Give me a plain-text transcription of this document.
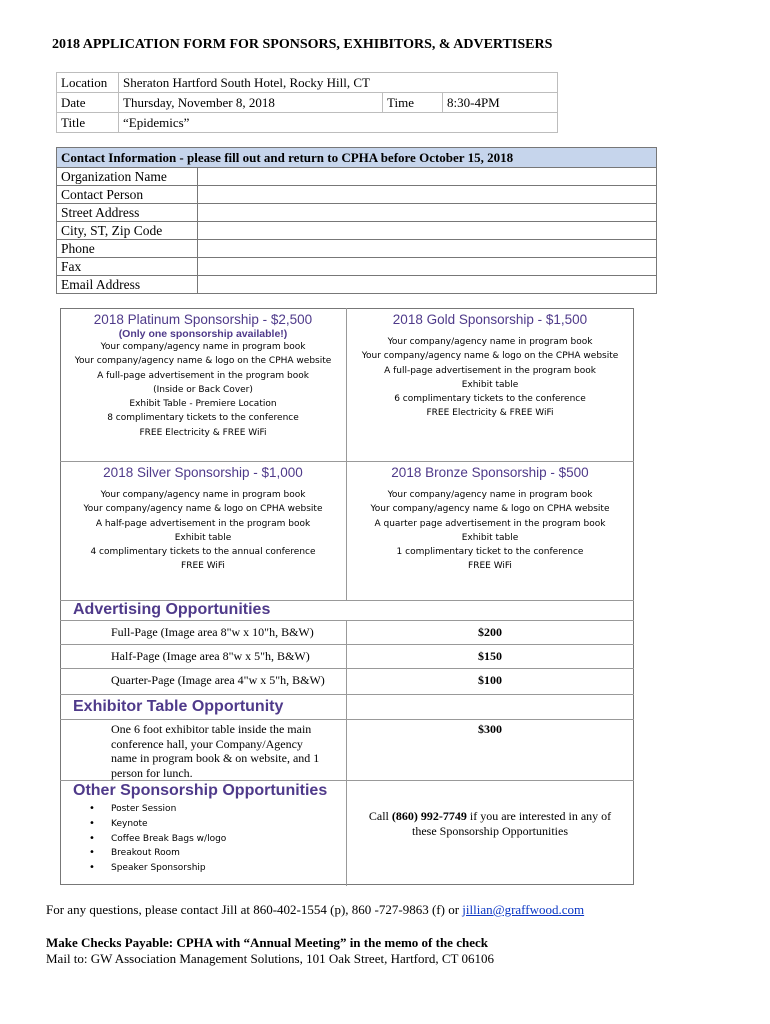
2018 APPLICATION FORM FOR SPONSORS, EXHIBITORS, & ADVERTISERS
Location	Sheraton Hartford South Hotel, Rocky Hill, CT		
Date	Thursday, November 8, 2018	Time	8:30-4PM
Title	“Epidemics”		
Contact Information - please fill out and return to CPHA before October 15, 2018	
Organization Name	
Contact Person	
Street Address	
City, ST, Zip Code	
Phone	
Fax	
Email Address	
2018 Platinum Sponsorship - $2,500
(Only one sponsorship available!)
Your company/agency name in program book
Your company/agency name & logo on the CPHA website
A full-page advertisement in the program book
(Inside or Back Cover)
Exhibit Table - Premiere Location
8 complimentary tickets to the conference
FREE Electricity & FREE WiFi
2018 Gold Sponsorship - $1,500
Your company/agency name in program book
Your company/agency name & logo on the CPHA website
A full-page advertisement in the program book
Exhibit table
6 complimentary tickets to the conference
FREE Electricity & FREE WiFi
2018 Silver Sponsorship - $1,000
Your company/agency name in program book
Your company/agency name & logo on CPHA website
A half-page advertisement in the program book
Exhibit table
4 complimentary tickets to the annual conference
FREE WiFi
2018 Bronze Sponsorship - $500
Your company/agency name in program book
Your company/agency name & logo on CPHA website
A quarter page advertisement in the program book
Exhibit table
1 complimentary ticket to the conference
FREE WiFi
Advertising Opportunities
Full-Page (Image area 8"w x 10"h, B&W)	$200
Half-Page (Image area 8"w x 5"h, B&W)	$150
Quarter-Page (Image area 4"w x 5"h, B&W)	$100
Exhibitor Table Opportunity
One 6 foot exhibitor table inside the main
conference hall, your Company/Agency
name in program book & on website, and 1
person for lunch.
$300
Other Sponsorship Opportunities
• Poster Session
• Keynote
• Coffee Break Bags w/logo
• Breakout Room
• Speaker Sponsorship
Call (860) 992-7749 if you are interested in any of
these Sponsorship Opportunities
For any questions, please contact Jill at 860-402-1554 (p), 860 -727-9863 (f) or jillian@graffwood.com
Make Checks Payable: CPHA with “Annual Meeting” in the memo of the check
Mail to: GW Association Management Solutions, 101 Oak Street, Hartford, CT 06106
